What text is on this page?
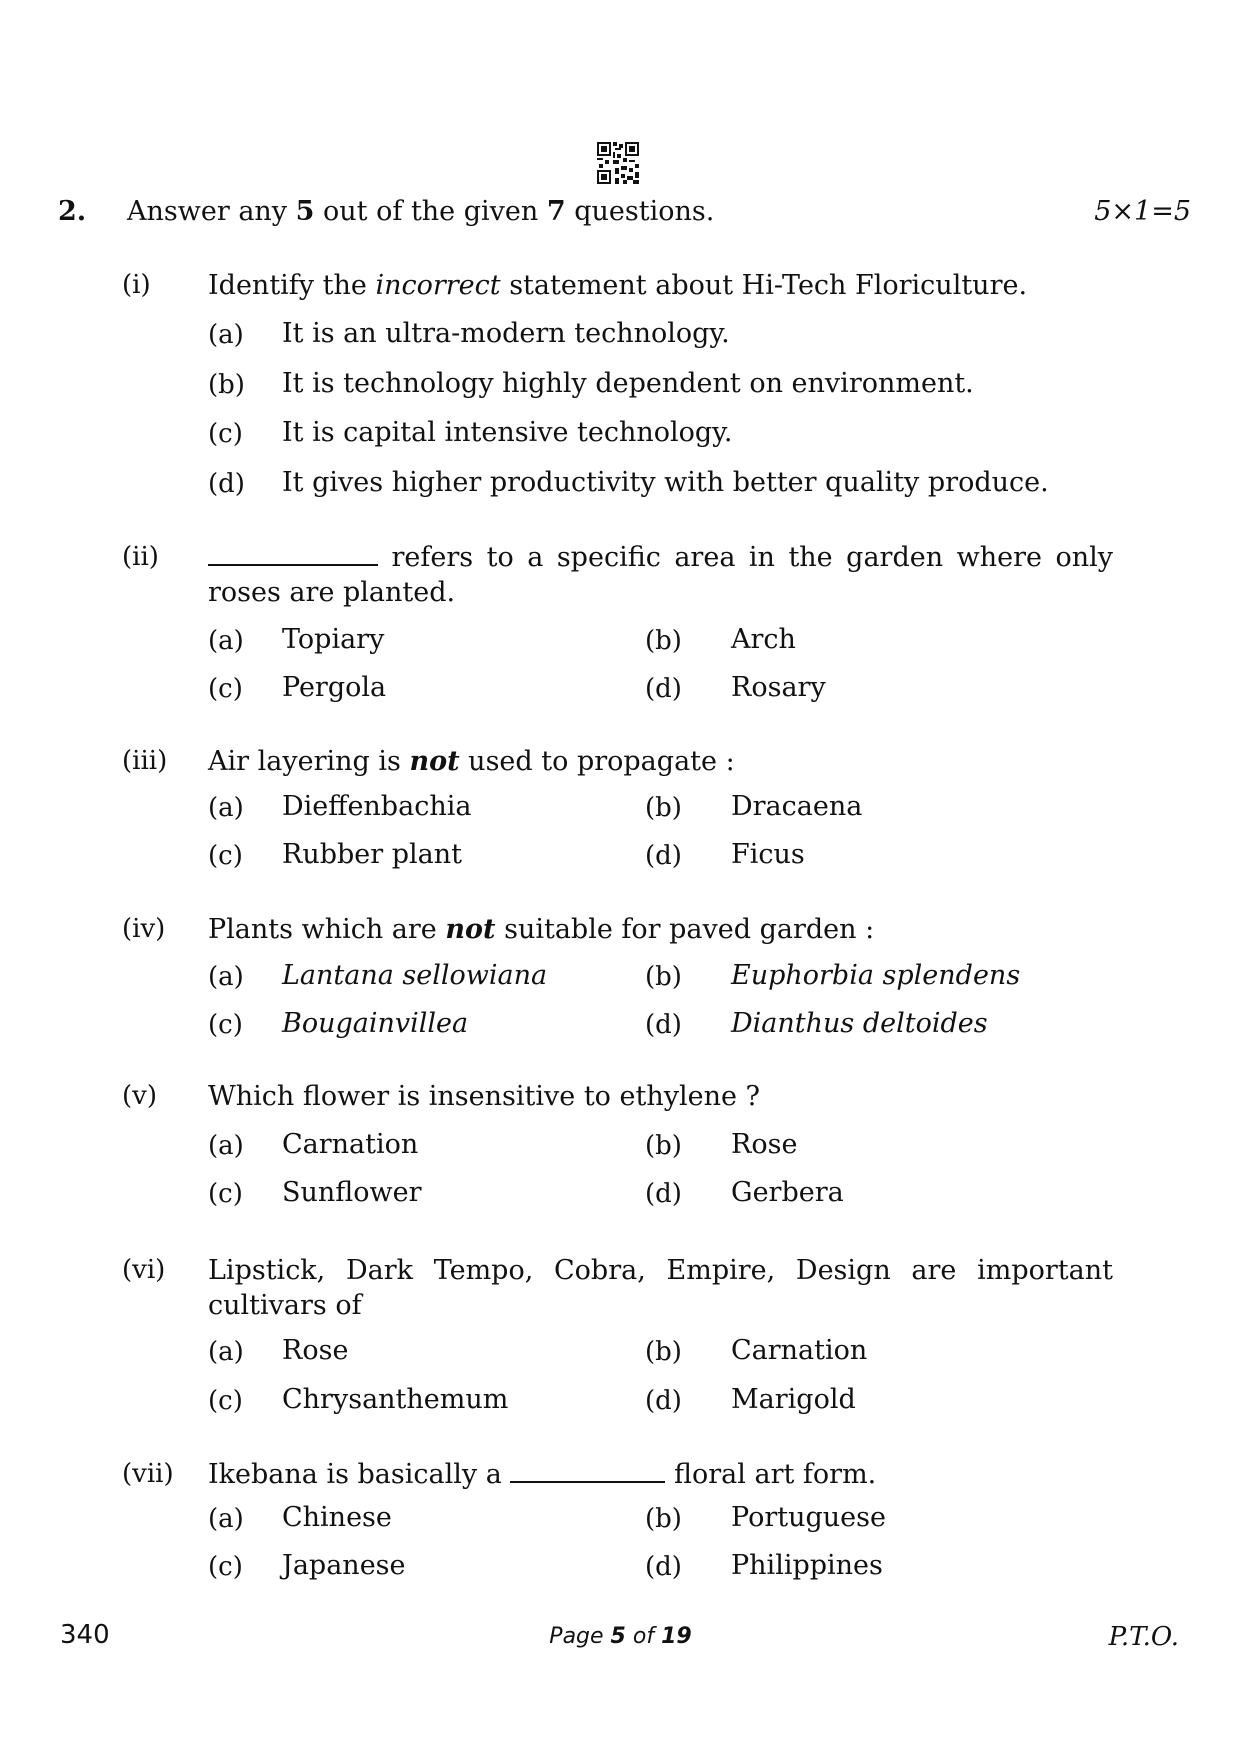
2. Answer any 5 out of the given 7 questions.	5×1=5
(i) Identify the incorrect statement about Hi-Tech Floriculture.
(a) It is an ultra-modern technology.
(b) It is technology highly dependent on environment.
(c) It is capital intensive technology.
(d) It gives higher productivity with better quality produce.
(ii)	refers to a specific area in the garden where only roses are planted.
(a) Topiary	(b) Arch
(c) Pergola	(d) Rosary
(iii) Air layering is not used to propagate :
(a) Dieffenbachia	(b) Dracaena
(c) Rubber plant	(d) Ficus
(iv) Plants which are not suitable for paved garden :
(a) Lantana sellowiana	(b) Euphorbia splendens
(c) Bougainvillea	(d) Dianthus deltoides
(v) Which flower is insensitive to ethylene ?
(a) Carnation	(b) Rose
(c) Sunflower	(d) Gerbera
(vi) Lipstick, Dark Tempo, Cobra, Empire, Design are important cultivars of
(a) Rose	(b) Carnation
(c) Chrysanthemum	(d) Marigold
(vii) Ikebana is basically a	floral art form.
(a) Chinese	(b) Portuguese
(c) Japanese	(d) Philippines
340	Page 5 of 19	P.T.O.
